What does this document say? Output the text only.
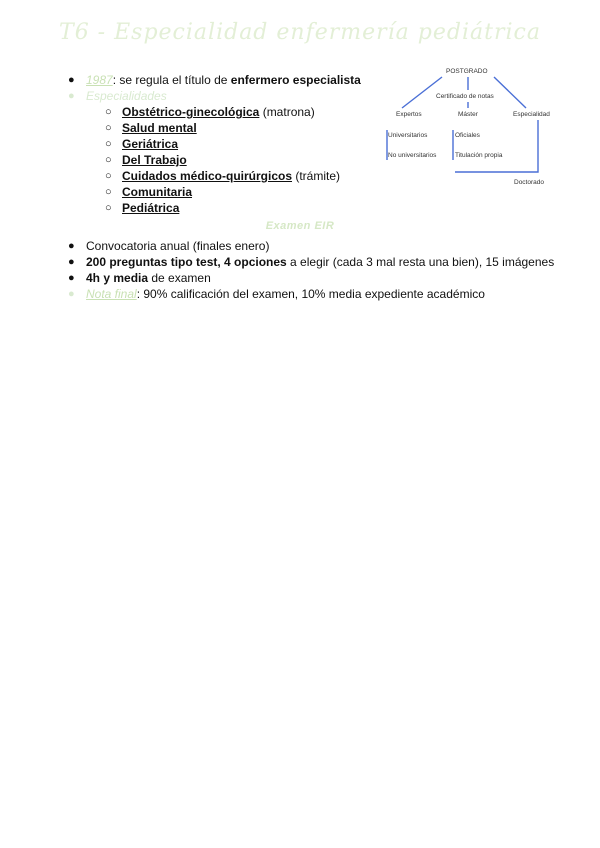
T6 - Especialidad enfermería pediátrica
● 1987: se regula el título de enfermero especialista
● Especialidades
○ Obstétrico-ginecológica (matrona)
○ Salud mental
○ Geriátrica
○ Del Trabajo
○ Cuidados médico-quirúrgicos (trámite)
○ Comunitaria
○ Pediátrica
POSTGRADO
Certificado de notas
Expertos	Máster	Especialidad
Universitarios
No universitarios
Oficiales
Titulación propia
Doctorado
Examen EIR
● Convocatoria anual (finales enero)
● 200 preguntas tipo test, 4 opciones a elegir (cada 3 mal resta una bien), 15 imágenes
● 4h y media de examen
● Nota final: 90% calificación del examen, 10% media expediente académico
